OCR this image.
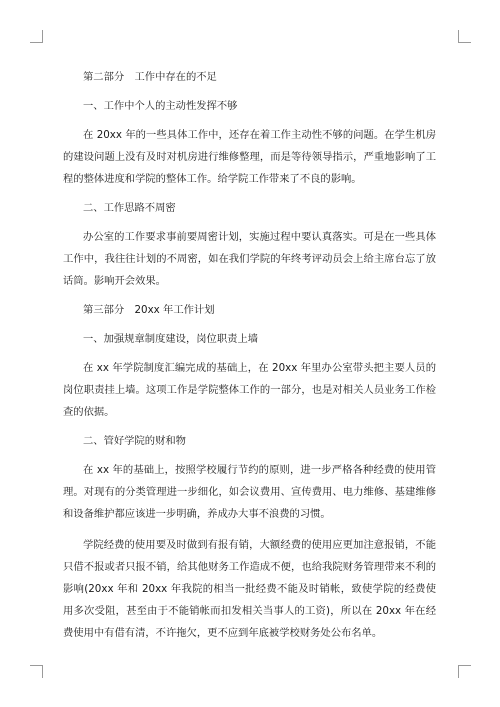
第二部分　工作中存在的不足

一、工作中个人的主动性发挥不够

在 20xx 年的一些具体工作中，还存在着工作主动性不够的问题。在学生机房的建设问题上没有及时对机房进行维修整理，而是等待领导指示，严重地影响了工程的整体进度和学院的整体工作。给学院工作带来了不良的影响。

二、工作思路不周密

办公室的工作要求事前要周密计划，实施过程中要认真落实。可是在一些具体工作中，我往往计划的不周密，如在我们学院的年终考评动员会上给主席台忘了放话筒。影响开会效果。

第三部分　20xx 年工作计划

一、加强规章制度建设，岗位职责上墙

在 xx 年学院制度汇编完成的基础上，在 20xx 年里办公室带头把主要人员的岗位职责挂上墙。这项工作是学院整体工作的一部分，也是对相关人员业务工作检查的依据。

二、管好学院的财和物

在 xx 年的基础上，按照学校履行节约的原则，进一步严格各种经费的使用管理。对现有的分类管理进一步细化，如会议费用、宣传费用、电力维修、基建维修和设备维护都应该进一步明确，养成办大事不浪费的习惯。

学院经费的使用要及时做到有报有销，大额经费的使用应更加注意报销，不能只借不报或者只报不销，给其他财务工作造成不便，也给我院财务管理带来不利的影响(20xx 年和 20xx 年我院的相当一批经费不能及时销帐，致使学院的经费使用多次受阻，甚至由于不能销帐而扣发相关当事人的工资)，所以在 20xx 年在经费使用中有借有清，不许拖欠，更不应到年底被学校财务处公布名单。
